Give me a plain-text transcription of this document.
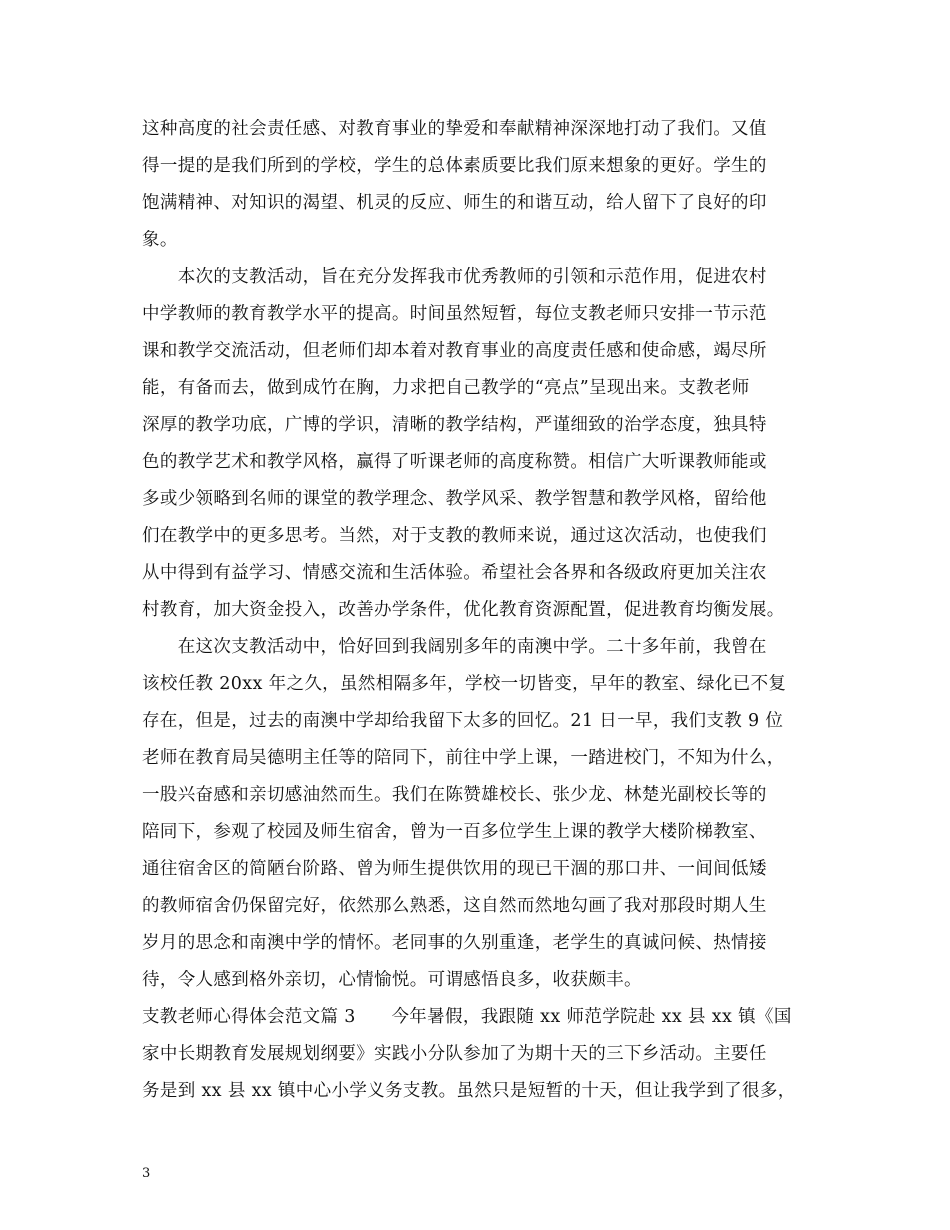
这种高度的社会责任感、对教育事业的挚爱和奉献精神深深地打动了我们。又值
得一提的是我们所到的学校，学生的总体素质要比我们原来想象的更好。学生的
饱满精神、对知识的渴望、机灵的反应、师生的和谐互动，给人留下了良好的印
象。
　　本次的支教活动，旨在充分发挥我市优秀教师的引领和示范作用，促进农村
中学教师的教育教学水平的提高。时间虽然短暂，每位支教老师只安排一节示范
课和教学交流活动，但老师们却本着对教育事业的高度责任感和使命感，竭尽所
能，有备而去，做到成竹在胸，力求把自己教学的“亮点”呈现出来。支教老师
深厚的教学功底，广博的学识，清晰的教学结构，严谨细致的治学态度，独具特
色的教学艺术和教学风格，赢得了听课老师的高度称赞。相信广大听课教师能或
多或少领略到名师的课堂的教学理念、教学风采、教学智慧和教学风格，留给他
们在教学中的更多思考。当然，对于支教的教师来说，通过这次活动，也使我们
从中得到有益学习、情感交流和生活体验。希望社会各界和各级政府更加关注农
村教育，加大资金投入，改善办学条件，优化教育资源配置，促进教育均衡发展。
　　在这次支教活动中，恰好回到我阔别多年的南澳中学。二十多年前，我曾在
该校任教 20xx 年之久，虽然相隔多年，学校一切皆变，早年的教室、绿化已不复
存在，但是，过去的南澳中学却给我留下太多的回忆。21 日一早，我们支教 9 位
老师在教育局吴德明主任等的陪同下，前往中学上课，一踏进校门，不知为什么，
一股兴奋感和亲切感油然而生。我们在陈赞雄校长、张少龙、林楚光副校长等的
陪同下，参观了校园及师生宿舍，曾为一百多位学生上课的教学大楼阶梯教室、
通往宿舍区的简陋台阶路、曾为师生提供饮用的现已干涸的那口井、一间间低矮
的教师宿舍仍保留完好，依然那么熟悉，这自然而然地勾画了我对那段时期人生
岁月的思念和南澳中学的情怀。老同事的久别重逢，老学生的真诚问候、热情接
待，令人感到格外亲切，心情愉悦。可谓感悟良多，收获颇丰。
支教老师心得体会范文篇 3　　今年暑假，我跟随 xx 师范学院赴 xx 县 xx 镇《国
家中长期教育发展规划纲要》实践小分队参加了为期十天的三下乡活动。主要任
务是到 xx 县 xx 镇中心小学义务支教。虽然只是短暂的十天，但让我学到了很多，
3
